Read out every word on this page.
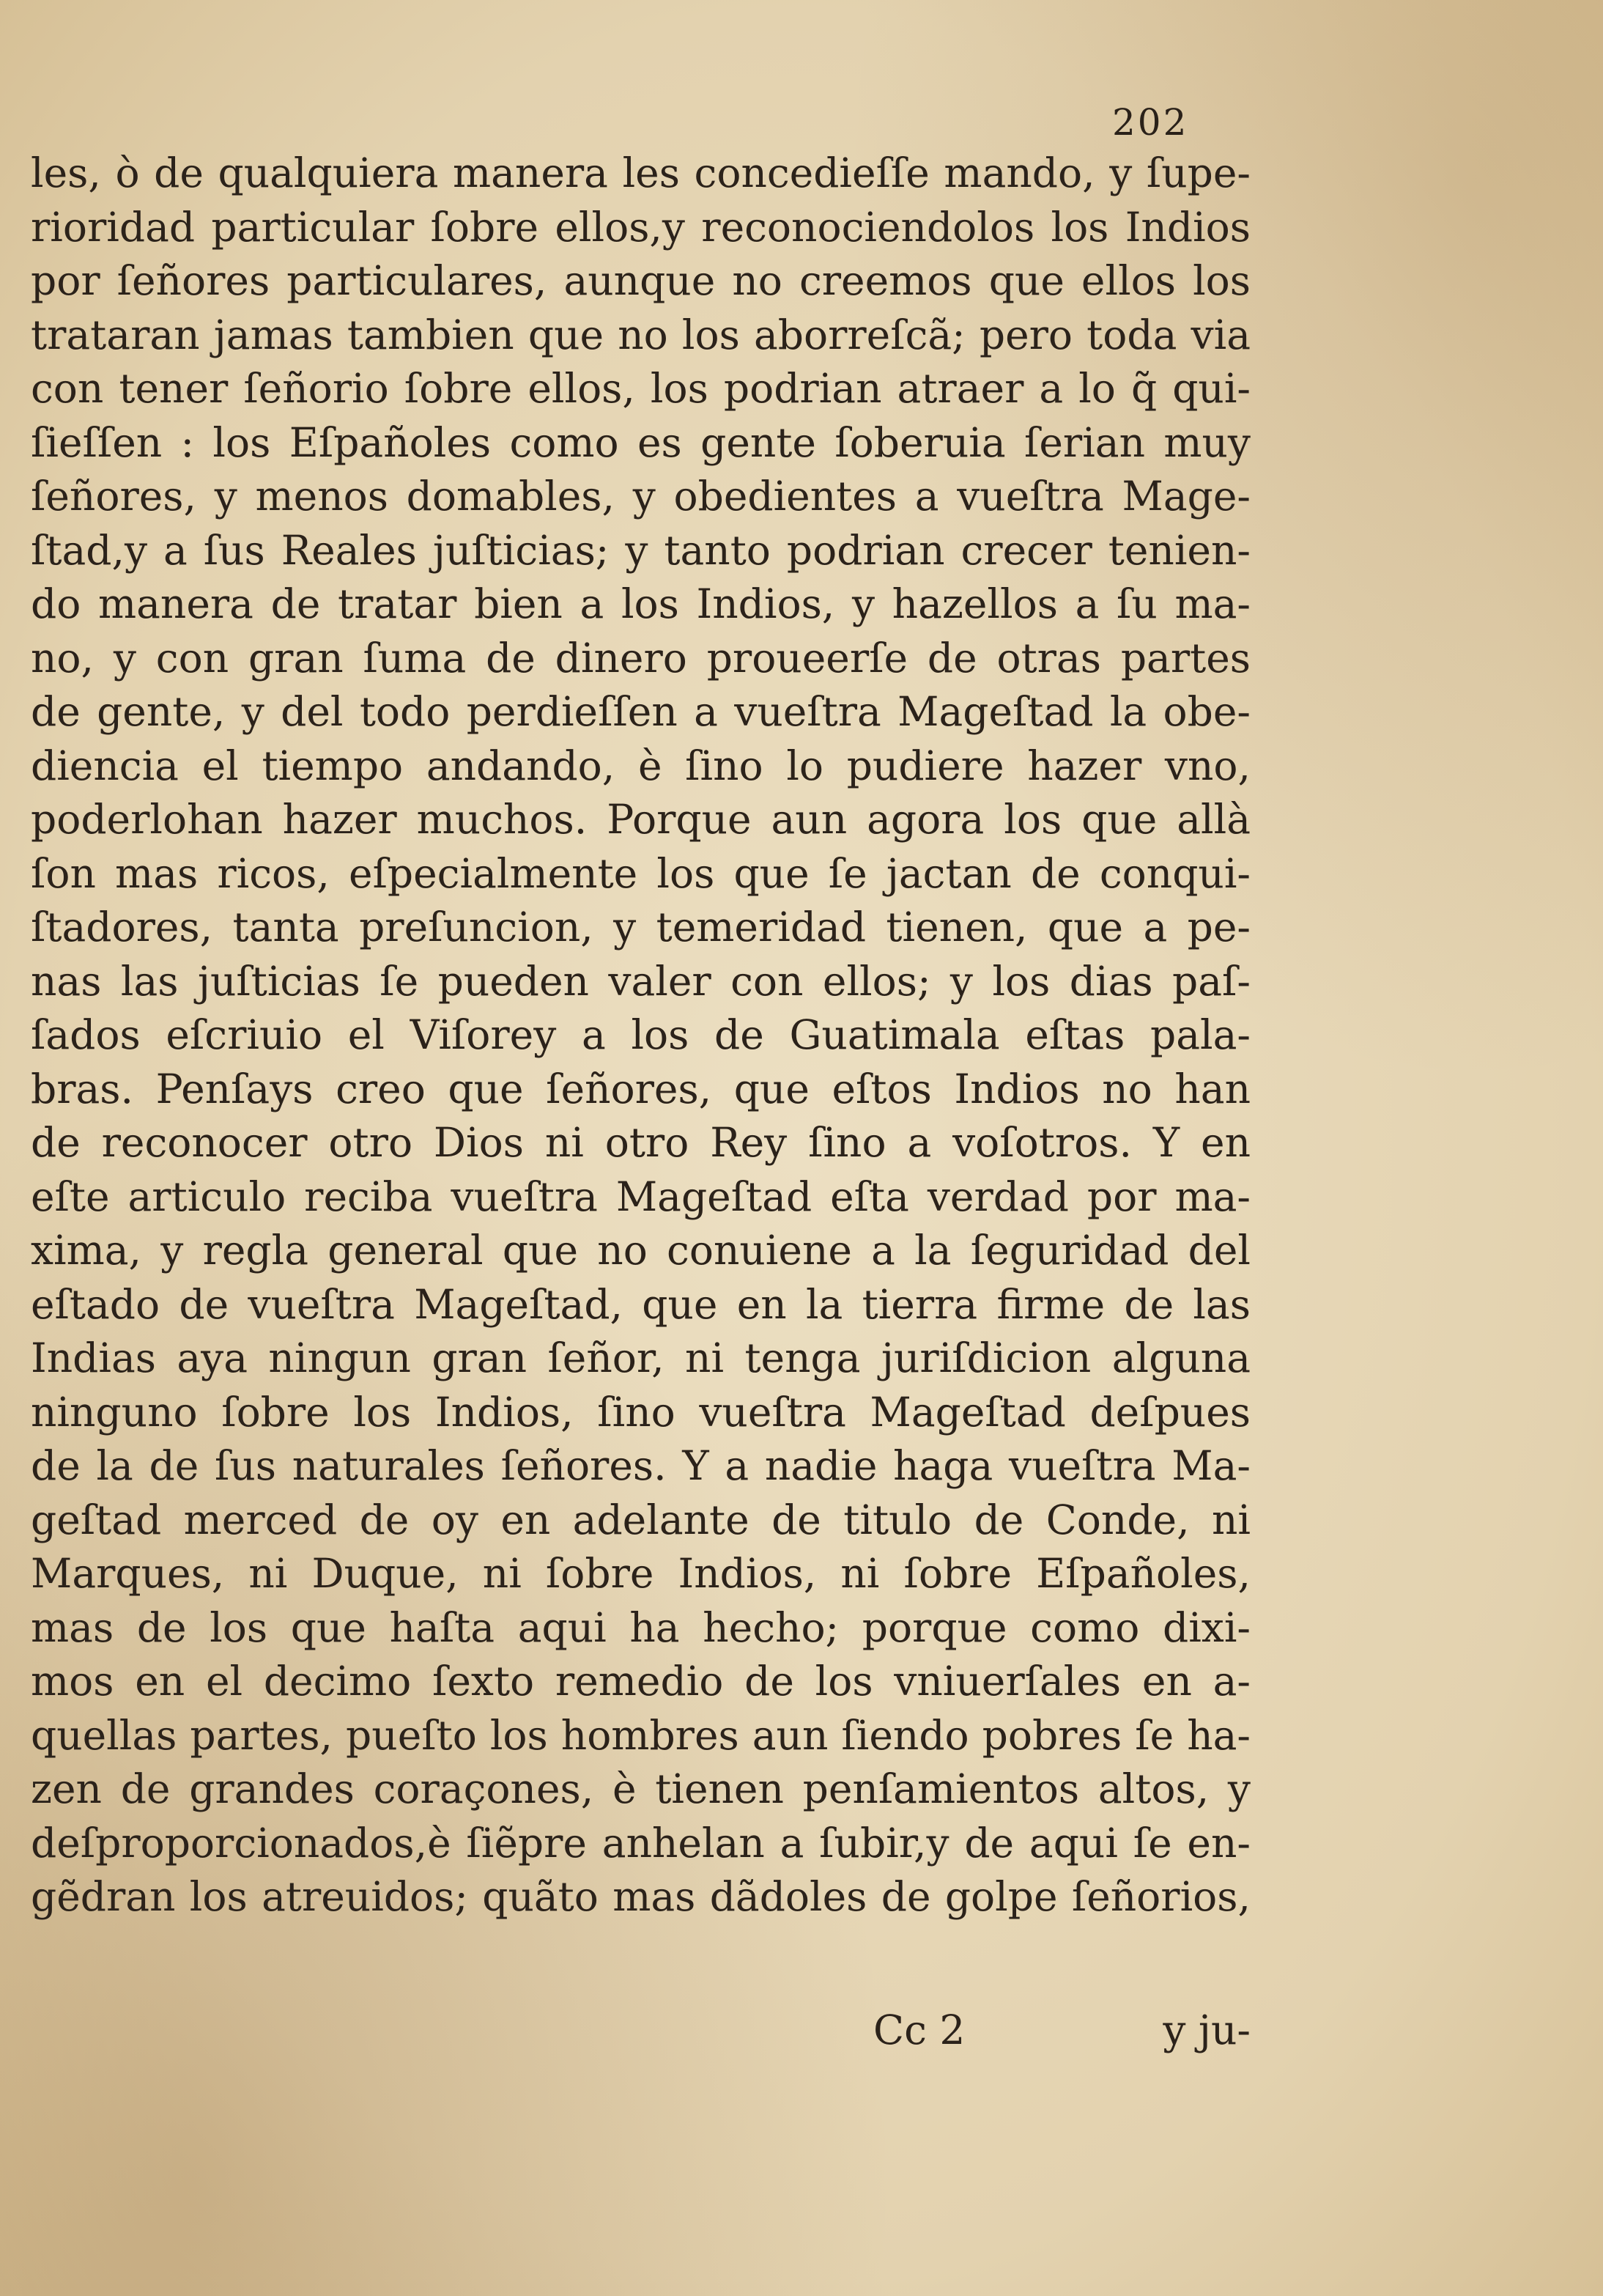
202
les, ò de qualquiera manera les concedieſſe mando, y ſupe-
rioridad particular ſobre ellos,y reconociendolos los Indios
por ſeñores particulares, aunque no creemos que ellos los
trataran jamas tambien que no los aborreſcã; pero toda via
con tener ſeñorio ſobre ellos, los podrian atraer a lo q̃ qui-
ſieſſen : los Eſpañoles como es gente ſoberuia ſerian muy
ſeñores, y menos domables, y obedientes a vueſtra Mage-
ſtad,y a ſus Reales juſticias; y tanto podrian crecer tenien-
do manera de tratar bien a los Indios, y hazellos a ſu ma-
no, y con gran ſuma de dinero proueerſe de otras partes
de gente, y del todo perdieſſen a vueſtra Mageſtad la obe-
diencia el tiempo andando, è ſino lo pudiere hazer vno,
poderlohan hazer muchos. Porque aun agora los que allà
ſon mas ricos, eſpecialmente los que ſe jactan de conqui-
ſtadores, tanta preſuncion, y temeridad tienen, que a pe-
nas las juſticias ſe pueden valer con ellos; y los dias paſ-
ſados eſcriuio el Viſorey a los de Guatimala eſtas pala-
bras. Penſays creo que ſeñores, que eſtos Indios no han
de reconocer otro Dios ni otro Rey ſino a voſotros. Y en
eſte articulo reciba vueſtra Mageſtad eſta verdad por ma-
xima, y regla general que no conuiene a la ſeguridad del
eſtado de vueſtra Mageſtad, que en la tierra firme de las
Indias aya ningun gran ſeñor, ni tenga juriſdicion alguna
ninguno ſobre los Indios, ſino vueſtra Mageſtad deſpues
de la de ſus naturales ſeñores. Y a nadie haga vueſtra Ma-
geſtad merced de oy en adelante de titulo de Conde, ni
Marques, ni Duque, ni ſobre Indios, ni ſobre Eſpañoles,
mas de los que haſta aqui ha hecho; porque como dixi-
mos en el decimo ſexto remedio de los vniuerſales en a-
quellas partes, pueſto los hombres aun ſiendo pobres ſe ha-
zen de grandes coraçones, è tienen penſamientos altos, y
deſproporcionados,è ſiẽpre anhelan a ſubir,y de aqui ſe en-
gẽdran los atreuidos; quãto mas dãdoles de golpe ſeñorios,
Cc 2	y ju-
